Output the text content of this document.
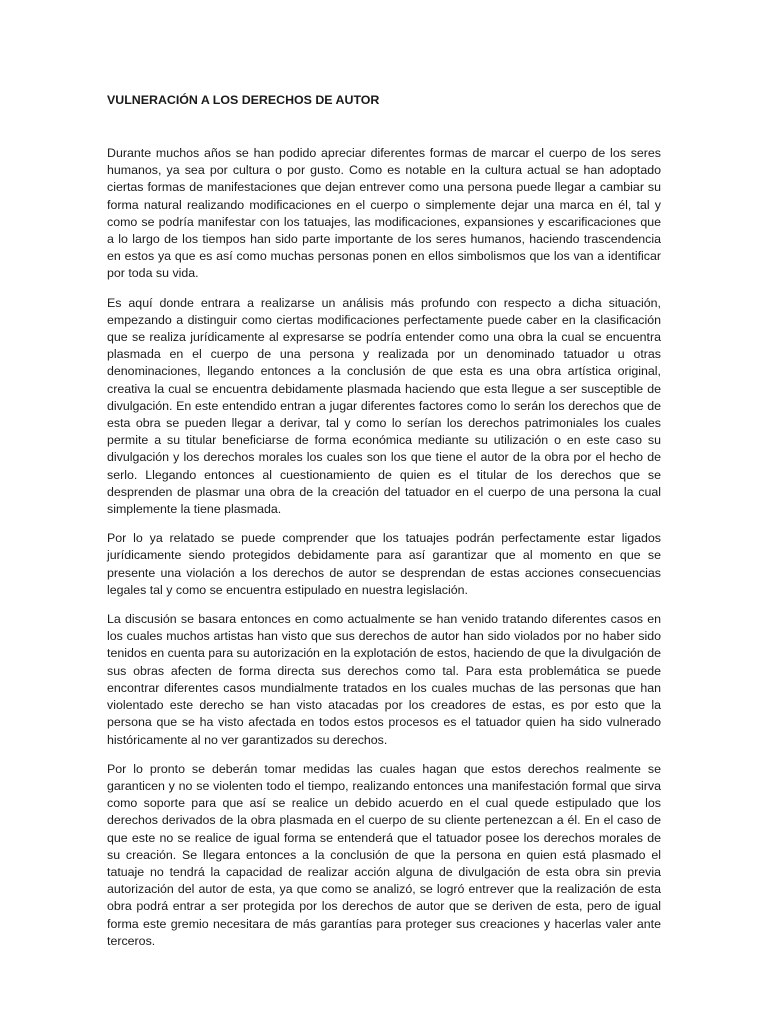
VULNERACIÓN A LOS DERECHOS DE AUTOR

Durante muchos años se han podido apreciar diferentes formas de marcar el cuerpo de los seres humanos, ya sea por cultura o por gusto. Como es notable en la cultura actual se han adoptado ciertas formas de manifestaciones que dejan entrever como una persona puede llegar a cambiar su forma natural realizando modificaciones en el cuerpo o simplemente dejar una marca en él, tal y como se podría manifestar con los tatuajes, las modificaciones, expansiones y escarificaciones que a lo largo de los tiempos han sido parte importante de los seres humanos, haciendo trascendencia en estos ya que es así como muchas personas ponen en ellos simbolismos que los van a identificar por toda su vida.

Es aquí donde entrara a realizarse un análisis más profundo con respecto a dicha situación, empezando a distinguir como ciertas modificaciones perfectamente puede caber en la clasificación que se realiza jurídicamente al expresarse se podría entender como una obra la cual se encuentra plasmada en el cuerpo de una persona y realizada por un denominado tatuador u otras denominaciones, llegando entonces a la conclusión de que esta es una obra artística original, creativa la cual se encuentra debidamente plasmada haciendo que esta llegue a ser susceptible de divulgación. En este entendido entran a jugar diferentes factores como lo serán los derechos que de esta obra se pueden llegar a derivar, tal y como lo serían los derechos patrimoniales los cuales permite a su titular beneficiarse de forma económica mediante su utilización o en este caso su divulgación y los derechos morales los cuales son los que tiene el autor de la obra por el hecho de serlo. Llegando entonces al cuestionamiento de quien es el titular de los derechos que se desprenden de plasmar una obra de la creación del tatuador en el cuerpo de una persona la cual simplemente la tiene plasmada.

Por lo ya relatado se puede comprender que los tatuajes podrán perfectamente estar ligados jurídicamente siendo protegidos debidamente para así garantizar que al momento en que se presente una violación a los derechos de autor se desprendan de estas acciones consecuencias legales tal y como se encuentra estipulado en nuestra legislación.

La discusión se basara entonces en como actualmente se han venido tratando diferentes casos en los cuales muchos artistas han visto que sus derechos de autor han sido violados por no haber sido tenidos en cuenta para su autorización en la explotación de estos, haciendo de que la divulgación de sus obras afecten de forma directa sus derechos como tal. Para esta problemática se puede encontrar diferentes casos mundialmente tratados en los cuales muchas de las personas que han violentado este derecho se han visto atacadas por los creadores de estas, es por esto que la persona que se ha visto afectada en todos estos procesos es el tatuador quien ha sido vulnerado históricamente al no ver garantizados su derechos.

Por lo pronto se deberán tomar medidas las cuales hagan que estos derechos realmente se garanticen y no se violenten todo el tiempo, realizando entonces una manifestación formal que sirva como soporte para que así se realice un debido acuerdo en el cual quede estipulado que los derechos derivados de la obra plasmada en el cuerpo de su cliente pertenezcan a él. En el caso de que este no se realice de igual forma se entenderá que el tatuador posee los derechos morales de su creación. Se llegara entonces a la conclusión de que la persona en quien está plasmado el tatuaje no tendrá la capacidad de realizar acción alguna de divulgación de esta obra sin previa autorización del autor de esta, ya que como se analizó, se logró entrever que la realización de esta obra podrá entrar a ser protegida por los derechos de autor que se deriven de esta, pero de igual forma este gremio necesitara de más garantías para proteger sus creaciones y hacerlas valer ante terceros.
